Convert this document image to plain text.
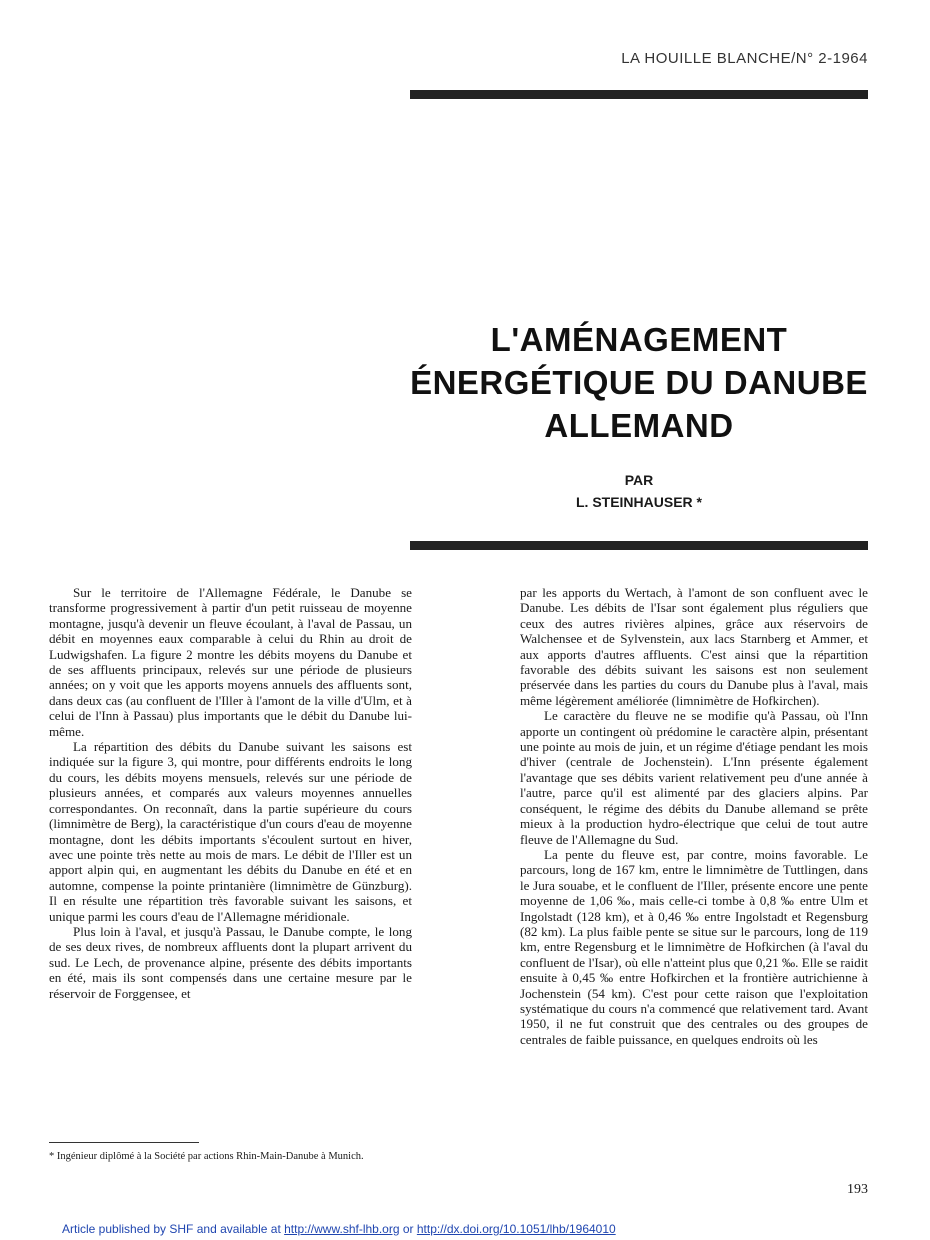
LA HOUILLE BLANCHE/N° 2-1964
L'AMÉNAGEMENT
ÉNERGÉTIQUE DU DANUBE
ALLEMAND
PAR
L. STEINHAUSER *

Sur le territoire de l'Allemagne Fédérale, le Danube se transforme progressivement à partir d'un petit ruisseau de moyenne montagne, jusqu'à devenir un fleuve écoulant, à l'aval de Passau, un débit en moyennes eaux comparable à celui du Rhin au droit de Ludwigshafen. La figure 2 montre les débits moyens du Danube et de ses affluents principaux, relevés sur une période de plusieurs années; on y voit que les apports moyens annuels des affluents sont, dans deux cas (au confluent de l'Iller à l'amont de la ville d'Ulm, et à celui de l'Inn à Passau) plus importants que le débit du Danube lui-même.

La répartition des débits du Danube suivant les saisons est indiquée sur la figure 3, qui montre, pour différents endroits le long du cours, les débits moyens mensuels, relevés sur une période de plusieurs années, et comparés aux valeurs moyennes annuelles correspondantes. On reconnaît, dans la partie supérieure du cours (limnimètre de Berg), la caractéristique d'un cours d'eau de moyenne montagne, dont les débits importants s'écoulent surtout en hiver, avec une pointe très nette au mois de mars. Le débit de l'Iller est un apport alpin qui, en augmentant les débits du Danube en été et en automne, compense la pointe printanière (limnimètre de Günzburg). Il en résulte une répartition très favorable suivant les saisons, et unique parmi les cours d'eau de l'Allemagne méridionale.

Plus loin à l'aval, et jusqu'à Passau, le Danube compte, le long de ses deux rives, de nombreux affluents dont la plupart arrivent du sud. Le Lech, de provenance alpine, présente des débits importants en été, mais ils sont compensés dans une certaine mesure par le réservoir de Forggensee, et

par les apports du Wertach, à l'amont de son confluent avec le Danube. Les débits de l'Isar sont également plus réguliers que ceux des autres rivières alpines, grâce aux réservoirs de Walchensee et de Sylvenstein, aux lacs Starnberg et Ammer, et aux apports d'autres affluents. C'est ainsi que la répartition favorable des débits suivant les saisons est non seulement préservée dans les parties du cours du Danube plus à l'aval, mais même légèrement améliorée (limnimètre de Hofkirchen).

Le caractère du fleuve ne se modifie qu'à Passau, où l'Inn apporte un contingent où prédomine le caractère alpin, présentant une pointe au mois de juin, et un régime d'étiage pendant les mois d'hiver (centrale de Jochenstein). L'Inn présente également l'avantage que ses débits varient relativement peu d'une année à l'autre, parce qu'il est alimenté par des glaciers alpins. Par conséquent, le régime des débits du Danube allemand se prête mieux à la production hydro-électrique que celui de tout autre fleuve de l'Allemagne du Sud.

La pente du fleuve est, par contre, moins favorable. Le parcours, long de 167 km, entre le limnimètre de Tuttlingen, dans le Jura souabe, et le confluent de l'Iller, présente encore une pente moyenne de 1,06 ‰, mais celle-ci tombe à 0,8 ‰ entre Ulm et Ingolstadt (128 km), et à 0,46 ‰ entre Ingolstadt et Regensburg (82 km). La plus faible pente se situe sur le parcours, long de 119 km, entre Regensburg et le limnimètre de Hofkirchen (à l'aval du confluent de l'Isar), où elle n'atteint plus que 0,21 ‰. Elle se raidit ensuite à 0,45 ‰ entre Hofkirchen et la frontière autrichienne à Jochenstein (54 km). C'est pour cette raison que l'exploitation systématique du cours n'a commencé que relativement tard. Avant 1950, il ne fut construit que des centrales ou des groupes de centrales de faible puissance, en quelques endroits où les

* Ingénieur diplômé à la Société par actions Rhin-Main-Danube à Munich.
193
Article published by SHF and available at http://www.shf-lhb.org or http://dx.doi.org/10.1051/lhb/1964010
